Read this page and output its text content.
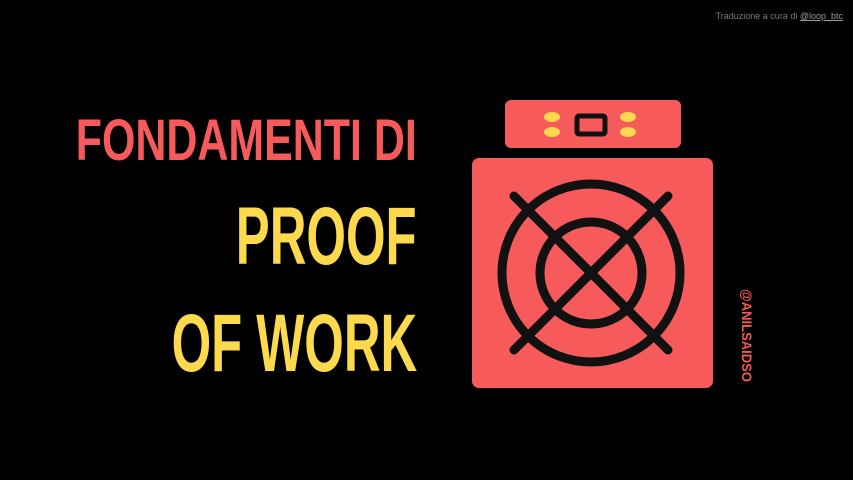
Traduzione a cura di @loop_btc
FONDAMENTI DI
PROOF
OF WORK	@ANILSAIDSO
